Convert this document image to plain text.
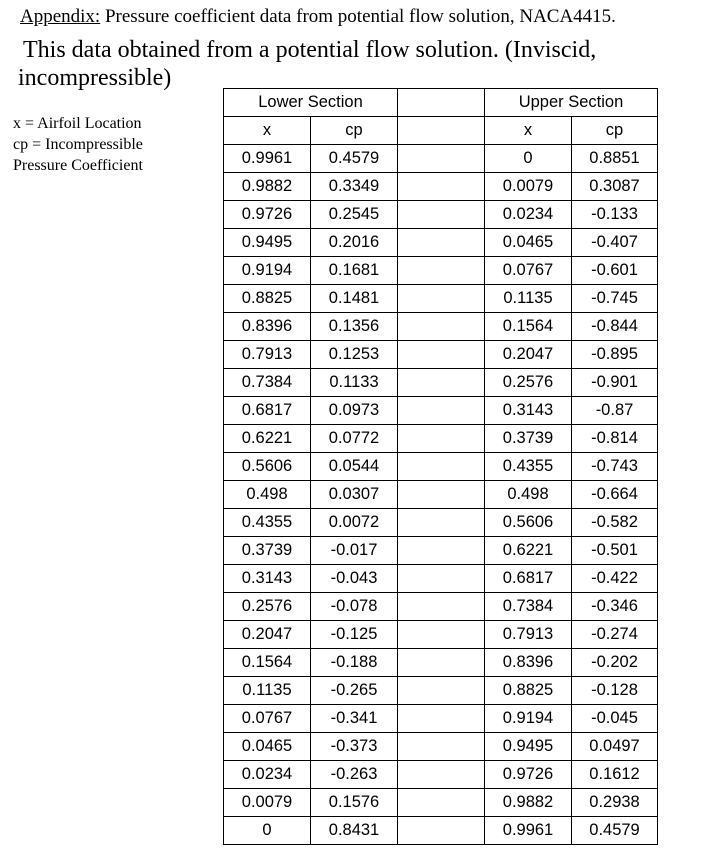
Appendix: Pressure coefficient data from potential flow solution, NACA4415.
This data obtained from a potential flow solution. (Inviscid,
incompressible)
x = Airfoil Location
cp = Incompressible
Pressure Coefficient
Lower Section			Upper Section	
x	cp		x	cp
0.9961	0.4579		0	0.8851
0.9882	0.3349		0.0079	0.3087
0.9726	0.2545		0.0234	-0.133
0.9495	0.2016		0.0465	-0.407
0.9194	0.1681		0.0767	-0.601
0.8825	0.1481		0.1135	-0.745
0.8396	0.1356		0.1564	-0.844
0.7913	0.1253		0.2047	-0.895
0.7384	0.1133		0.2576	-0.901
0.6817	0.0973		0.3143	-0.87
0.6221	0.0772		0.3739	-0.814
0.5606	0.0544		0.4355	-0.743
0.498	0.0307		0.498	-0.664
0.4355	0.0072		0.5606	-0.582
0.3739	-0.017		0.6221	-0.501
0.3143	-0.043		0.6817	-0.422
0.2576	-0.078		0.7384	-0.346
0.2047	-0.125		0.7913	-0.274
0.1564	-0.188		0.8396	-0.202
0.1135	-0.265		0.8825	-0.128
0.0767	-0.341		0.9194	-0.045
0.0465	-0.373		0.9495	0.0497
0.0234	-0.263		0.9726	0.1612
0.0079	0.1576		0.9882	0.2938
0	0.8431		0.9961	0.4579
